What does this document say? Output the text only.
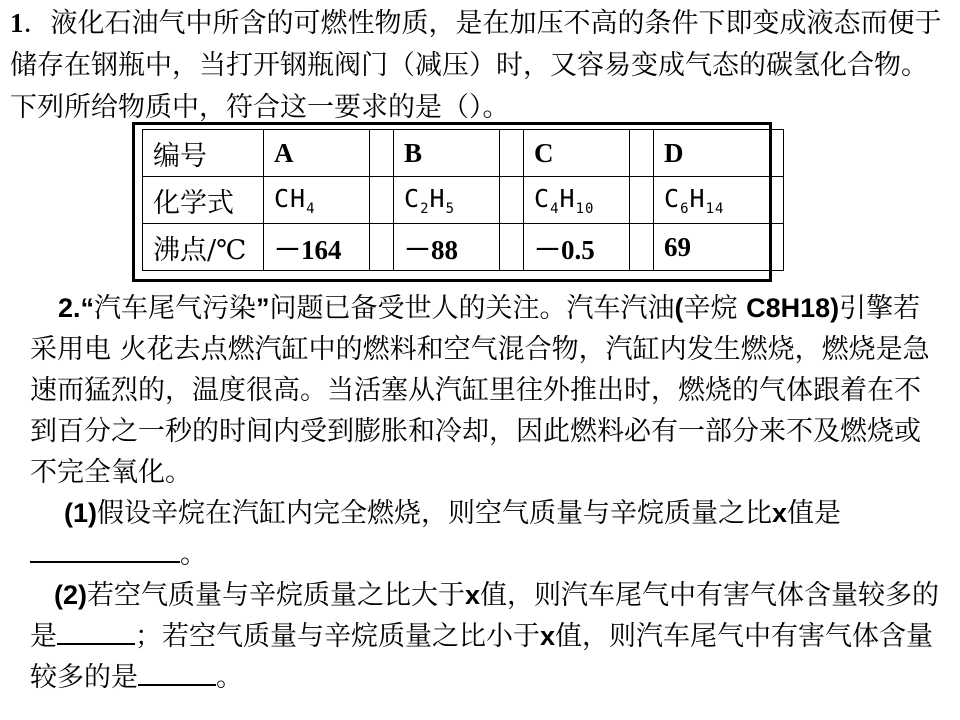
1．液化石油气中所含的可燃性物质，是在加压不高的条件下即变成液态而便于储存在钢瓶中，当打开钢瓶阀门（减压）时，又容易变成气态的碳氢化合物。下列所给物质中，符合这一要求的是（）。

编号	A		B		C		D
化学式	$CH_4$		$C_2H_5$		$C_4H_{10}$		$C_6H_{14}$
沸点/℃	－164		－88		－0.5		69

2.“汽车尾气污染”问题已备受世人的关注。汽车汽油(辛烷 C8H18)引擎若采用电 火花去点燃汽缸中的燃料和空气混合物，汽缸内发生燃烧，燃烧是急速而猛烈的，温度很高。当活塞从汽缸里往外推出时，燃烧的气体跟着在不到百分之一秒的时间内受到膨胀和冷却，因此燃料必有一部分来不及燃烧或不完全氧化。
(1)假设辛烷在汽缸内完全燃烧，则空气质量与辛烷质量之比x值是。
(2)若空气质量与辛烷质量之比大于x值，则汽车尾气中有害气体含量较多的是	；若空气质量与辛烷质量之比小于x值，则汽车尾气中有害气体含量较多的是	。
